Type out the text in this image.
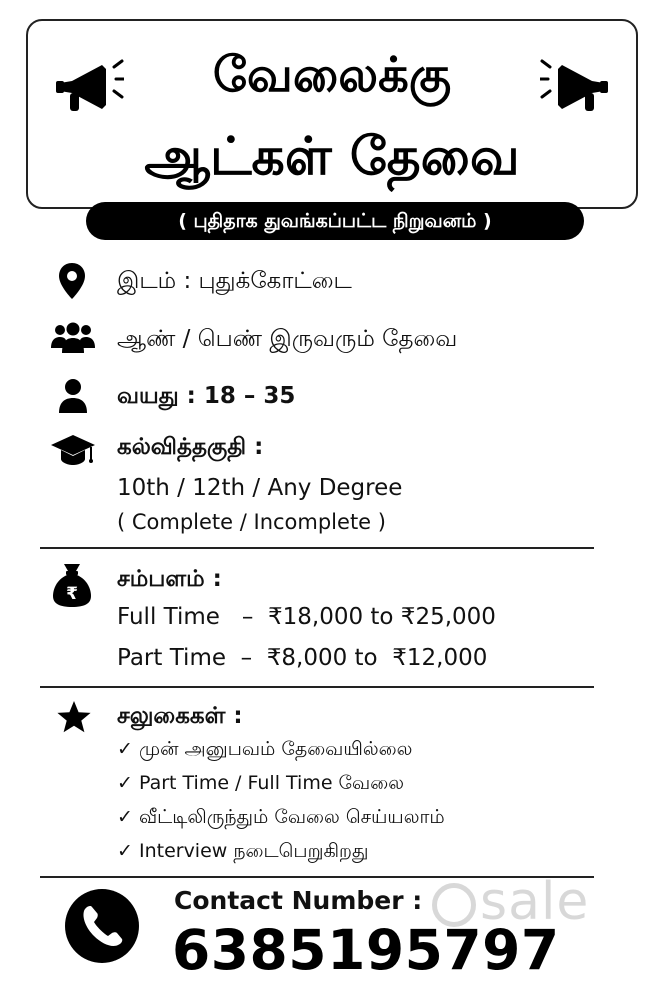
வேலைக்கு
ஆட்கள் தேவை
( புதிதாக துவங்கப்பட்ட நிறுவனம் )
இடம் : புதுக்கோட்டை
ஆண் / பெண் இருவரும் தேவை
வயது : 18 – 35
கல்வித்தகுதி :
10th / 12th / Any Degree
( Complete / Incomplete )
₹
சம்பளம் :
Full Time   –  ₹18,000 to ₹25,000
Part Time  –  ₹8,000 to  ₹12,000
சலுகைகள் :
✓ முன் அனுபவம் தேவையில்லை
✓ Part Time / Full Time வேலை
✓ வீட்டிலிருந்தும் வேலை செய்யலாம்
✓ Interview நடைபெறுகிறது
Contact Number :
6385195797
sale
